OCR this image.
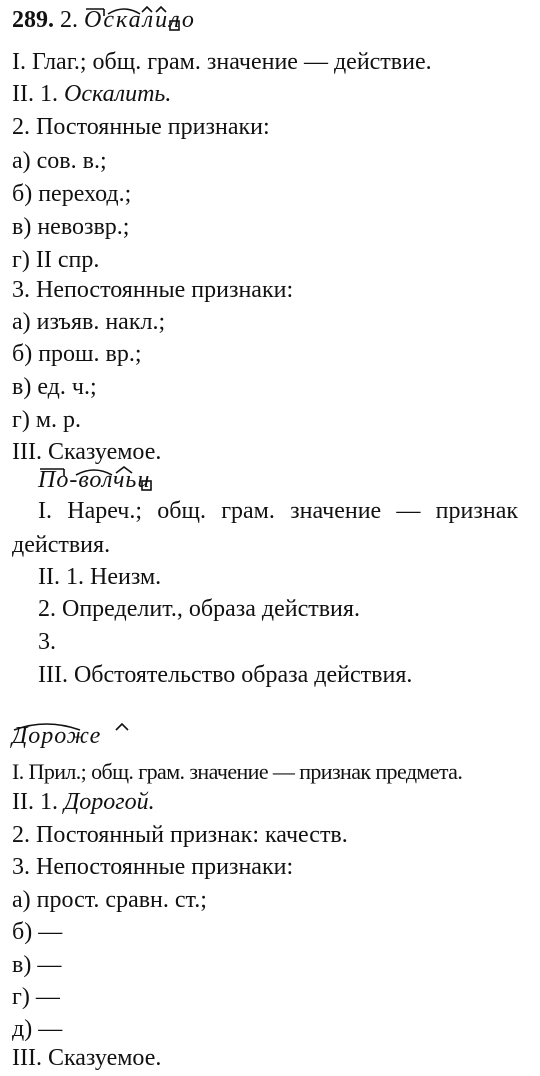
289. 2. Оскалило
I. Глаг.; общ. грам. значение — действие.
II. 1. Оскалить.
2. Постоянные признаки:
а) сов. в.;
б) переход.;
в) невозвр.;
г) II спр.
3. Непостоянные признаки:
а) изъяв. накл.;
б) прош. вр.;
в) ед. ч.;
г) м. р.
III. Сказуемое.
По-волчьи
I. Нареч.; общ. грам. значение — признак
действия.
II. 1. Неизм.
2. Определит., образа действия.
3.
III. Обстоятельство образа действия.
Дороже
I. Прил.; общ. грам. значение — признак предмета.
II. 1. Дорогой.
2. Постоянный признак: качеств.
3. Непостоянные признаки:
а) прост. сравн. ст.;
б) —
в) —
г) —
д) —
III. Сказуемое.
